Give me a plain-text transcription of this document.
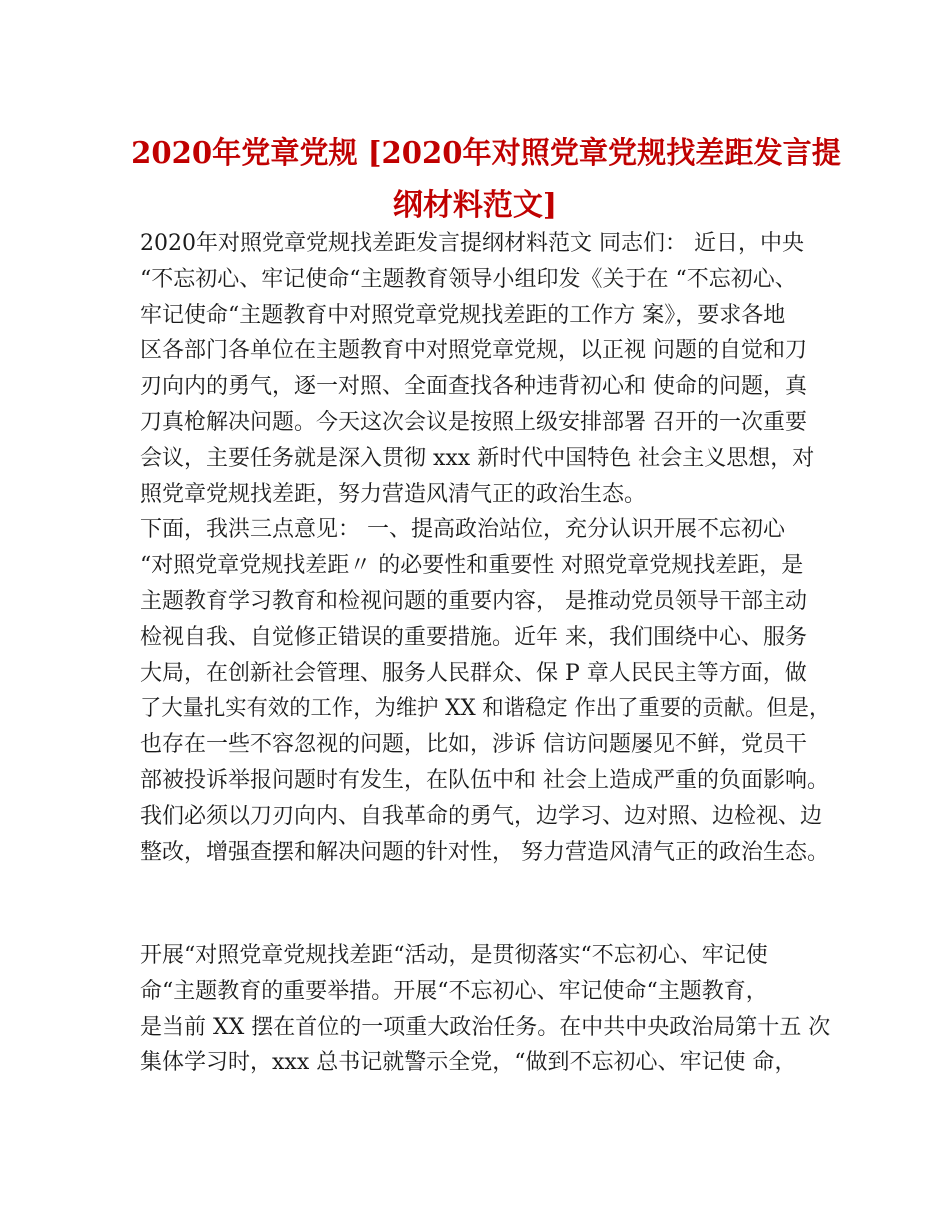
2020年党章党规 [2020年对照党章党规找差距发言提
纲材料范文]
2020年对照党章党规找差距发言提纲材料范文 同志们： 近日，中央
“不忘初心、牢记使命“主题教育领导小组印发《关于在 “不忘初心、
牢记使命“主题教育中对照党章党规找差距的工作方 案》，要求各地
区各部门各单位在主题教育中对照党章党规，以正视 问题的自觉和刀
刃向内的勇气，逐一对照、全面查找各种违背初心和 使命的问题，真
刀真枪解决问题。今天这次会议是按照上级安排部署 召开的一次重要
会议，主要任务就是深入贯彻 xxx 新时代中国特色 社会主义思想，对
照党章党规找差距，努力营造风清气正的政治生态。
下面，我洪三点意见： 一、提高政治站位，充分认识开展不忘初心
“对照党章党规找差距〃 的必要性和重要性 对照党章党规找差距，是
主题教育学习教育和检视问题的重要内容， 是推动党员领导干部主动
检视自我、自觉修正错误的重要措施。近年 来，我们围绕中心、服务
大局，在创新社会管理、服务人民群众、保 P 章人民民主等方面，做
了大量扎实有效的工作，为维护 XX 和谐稳定 作出了重要的贡献。但是，
也存在一些不容忽视的问题，比如，涉诉 信访问题屡见不鲜，党员干
部被投诉举报问题时有发生，在队伍中和 社会上造成严重的负面影响。
我们必须以刀刃向内、自我革命的勇气，边学习、边对照、边检视、边
整改，增强查摆和解决问题的针对性， 努力营造风清气正的政治生态。
开展“对照党章党规找差距“活动，是贯彻落实“不忘初心、牢记使
命“主题教育的重要举措。开展“不忘初心、牢记使命“主题教育，
是当前 XX 摆在首位的一项重大政治任务。在中共中央政治局第十五 次
集体学习时，xxx 总书记就警示全党，“做到不忘初心、牢记使 命，
